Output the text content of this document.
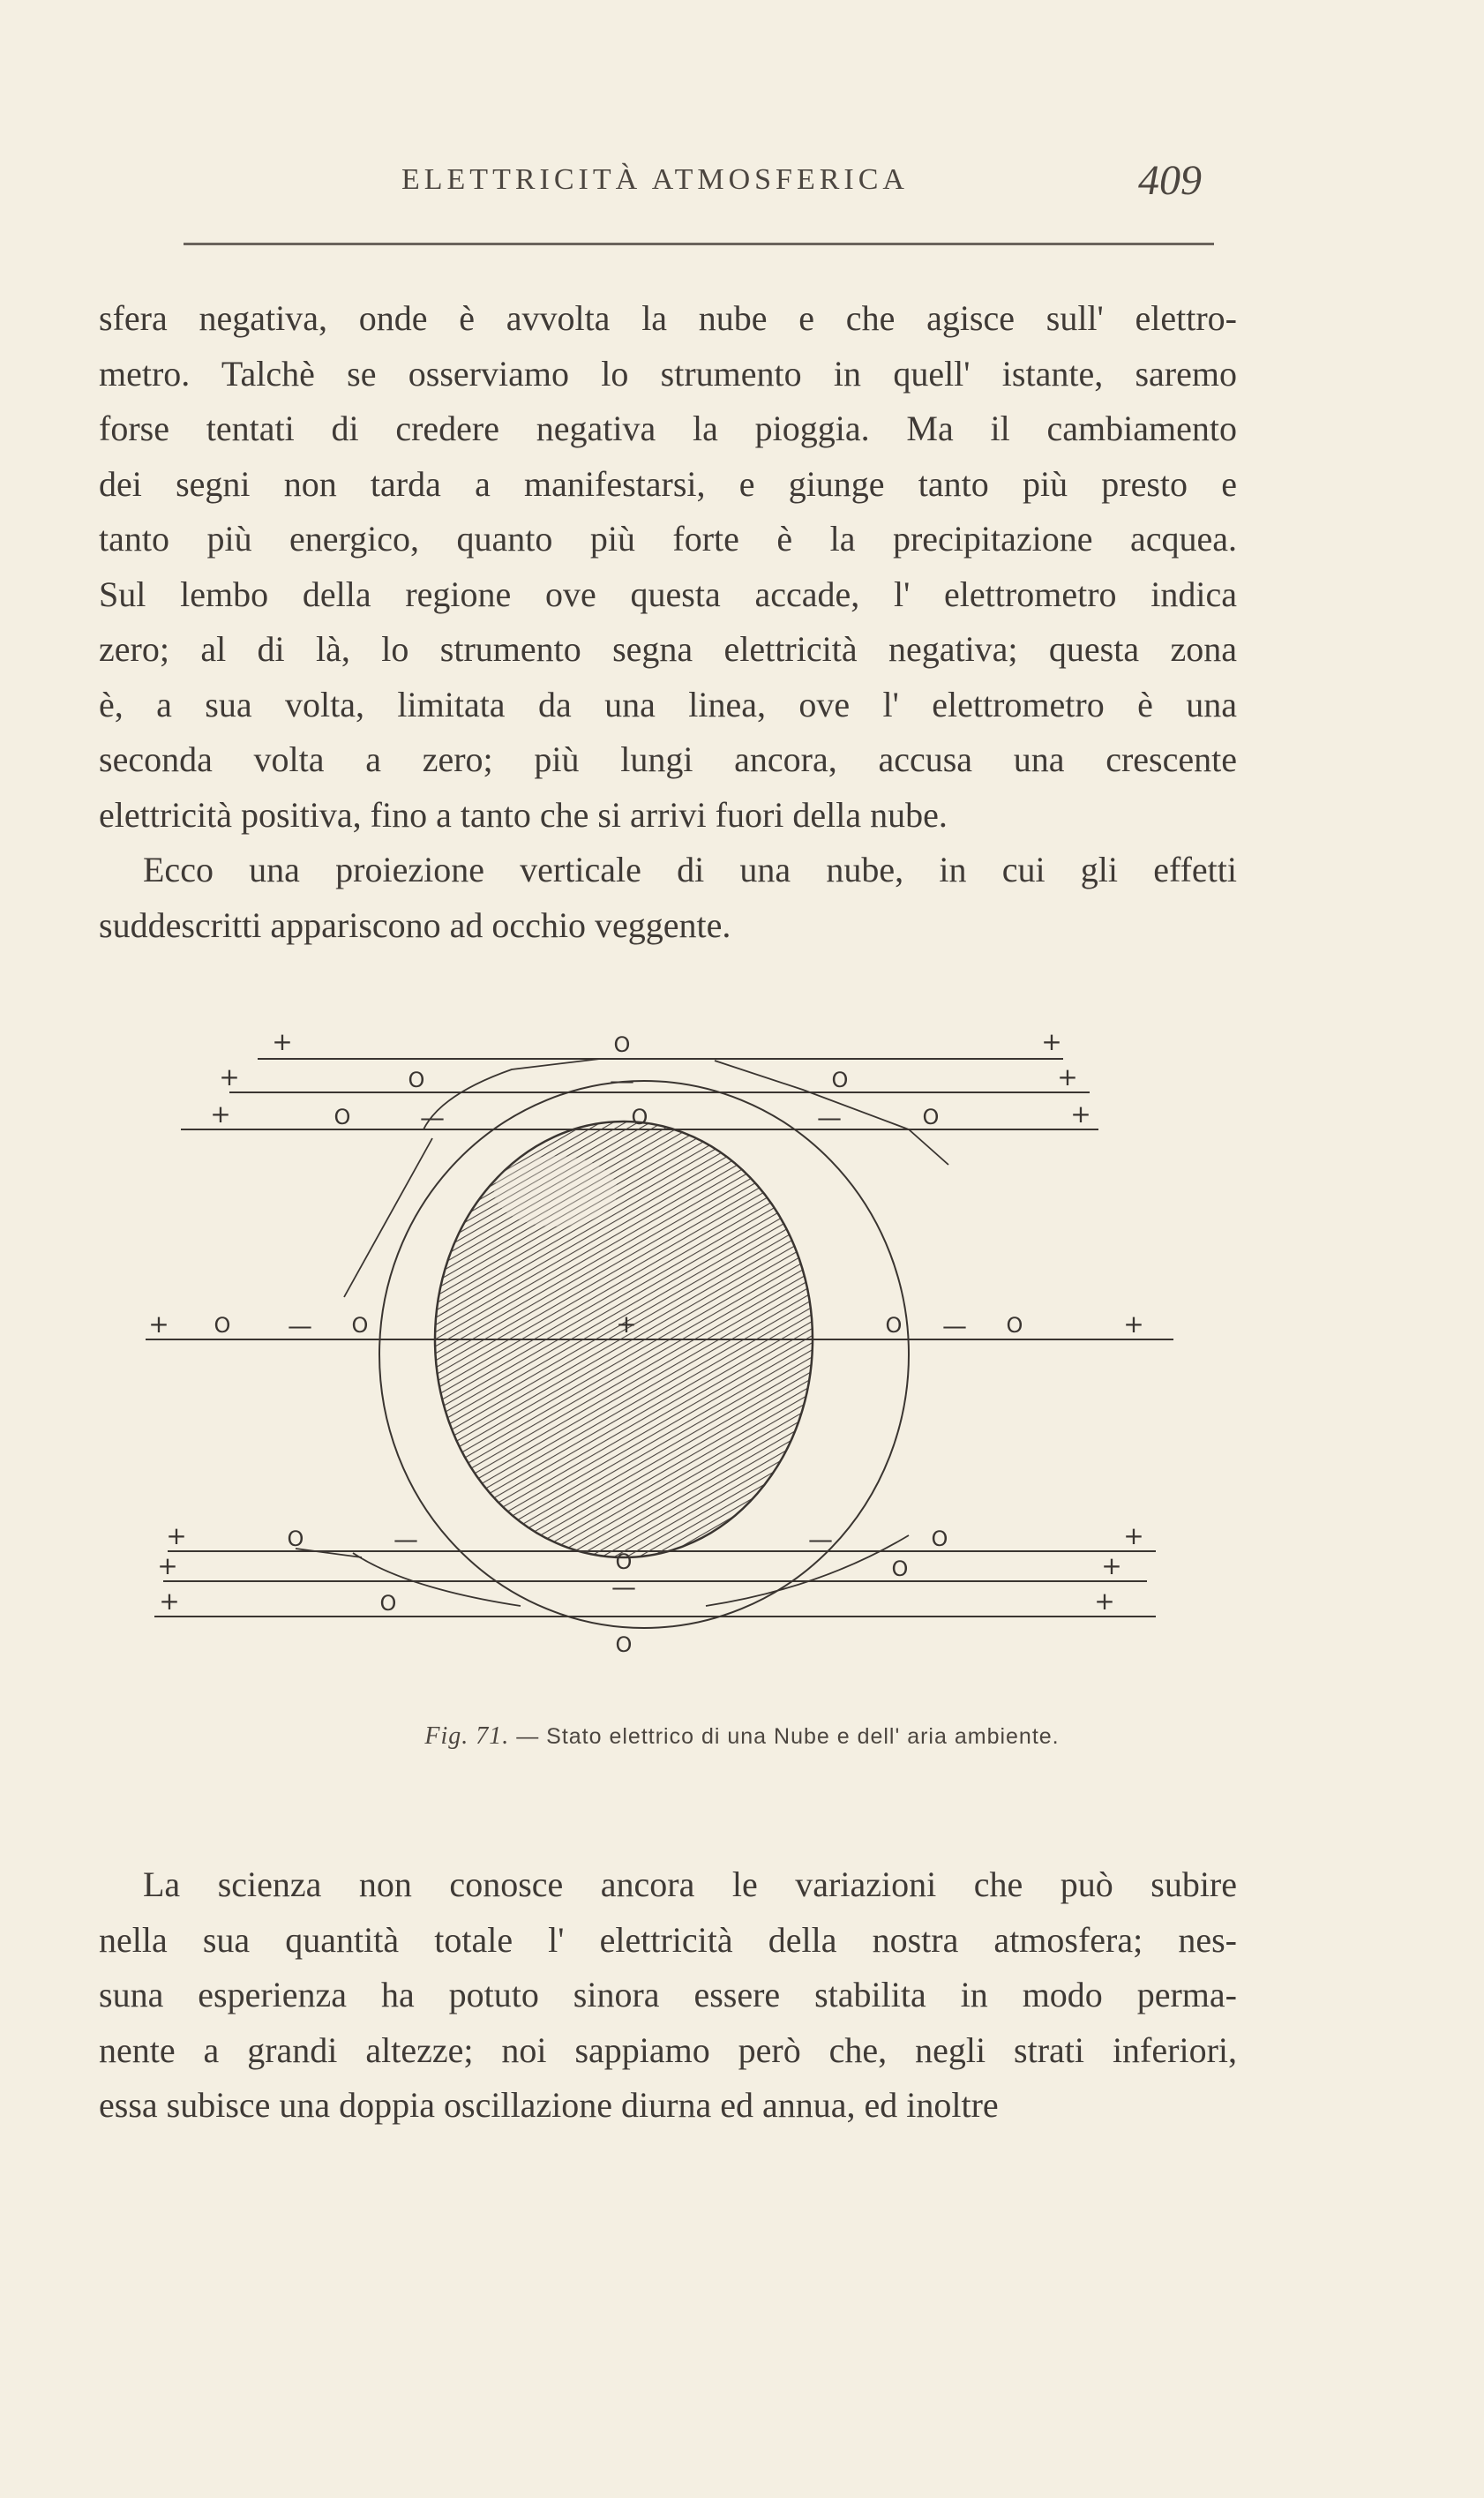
ELETTRICITÀ ATMOSFERICA	409
sfera negativa, onde è avvolta la nube e che agisce sull' elettro-
metro. Talchè se osserviamo lo strumento in quell' istante, saremo
forse tentati di credere negativa la pioggia. Ma il cambiamento
dei segni non tarda a manifestarsi, e giunge tanto più presto e
tanto più energico, quanto più forte è la precipitazione acquea.
Sul lembo della regione ove questa accade, l' elettrometro indica
zero; al di là, lo strumento segna elettricità negativa; questa zona
è, a sua volta, limitata da una linea, ove l' elettrometro è una
seconda volta a zero; più lungi ancora, accusa una crescente
elettricità positiva, fino a tanto che si arrivi fuori della nube.
Ecco una proiezione verticale di una nube, in cui gli effetti
suddescritti appariscono ad occhio veggente.
+	O	+
+	O	—	O	+
+	O	—	O	—	O	+
+ O — O	+	O — O	+
+	O	—	—	O	+
O
—
+	O	+
O
+	+
O
Fig. 71. — Stato elettrico di una Nube e dell' aria ambiente.
La scienza non conosce ancora le variazioni che può subire
nella sua quantità totale l' elettricità della nostra atmosfera; nes-
suna esperienza ha potuto sinora essere stabilita in modo perma-
nente a grandi altezze; noi sappiamo però che, negli strati inferiori,
essa subisce una doppia oscillazione diurna ed annua, ed inoltre
